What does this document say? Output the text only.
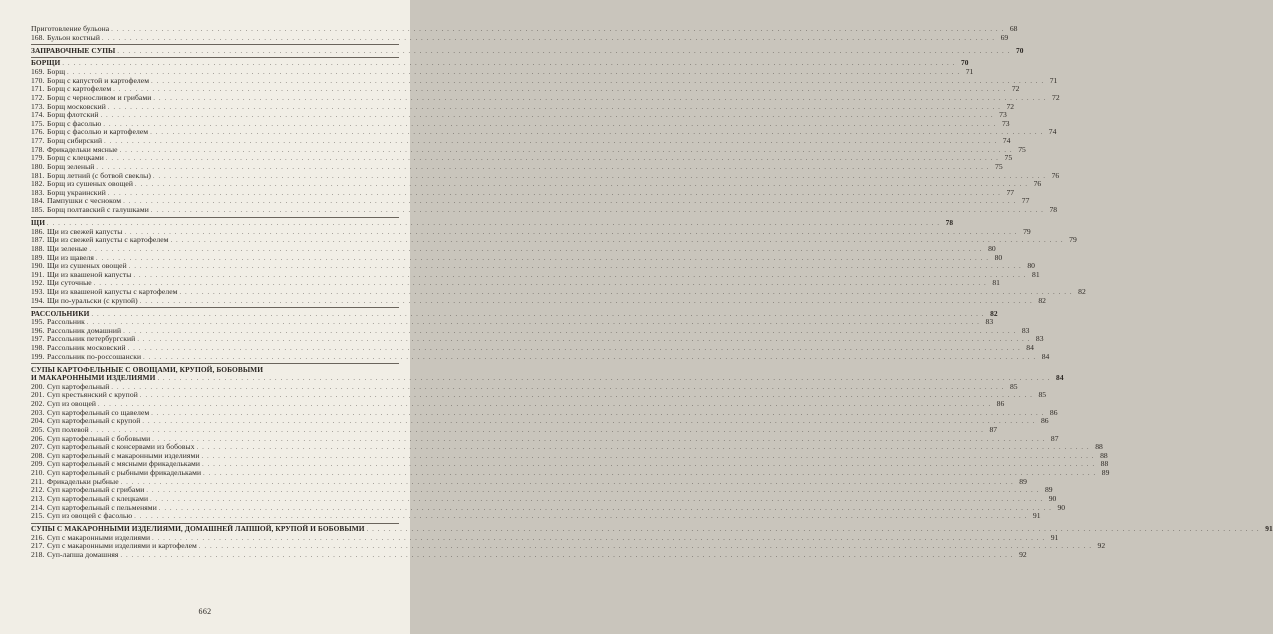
Приготовление бульона . . . . . . . . . . . . . . . . . . . . . . . . . . . . . . . . . . . . . . . . . . . . . . . . . . . . . . . . . . . . . . . . . . . . . . . . . . . . . . . . . . . . . . . . . . . . . . . . . . . . . . . . . . . . . . . . . . . . . . . . . . . . . . . . . . . . . . . . . . . . . . . . . . . . . . . . . . . . . . . . 68
168. Бульон костный . . . . . . . . . . . . . . . . . . . . . . . . . . . . . . . . . . . . . . . . . . . . . . . . . . . . . . . . . . . . . . . . . . . . . . . . . . . . . . . . . . . . . . . . . . . . . . . . . . . . . . . . . . . . . . . . . . . . . . . . . . . . . . . . . . . . . . . . . . . . . . . . . . . . . . . . . . . . . . . . 69
ЗАПРАВОЧНЫЕ СУПЫ . . . . . . . . . . . . . . . . . . . . . . . . . . . . . . . . . . . . . . . . . . . . . . . . . . . . . . . . . . . . . . . . . . . . . . . . . . . . . . . . . . . . . . . . . . . . . . . . . . . . . . . . . . . . . . . . . . . . . . . . . . . . . . . . . . . . . . . . . . . . . . . . . . . . . . . . . . . . . . . . 70
БОРЩИ . . . . . . . . . . . . . . . . . . . . . . . . . . . . . . . . . . . . . . . . . . . . . . . . . . . . . . . . . . . . . . . . . . . . . . . . . . . . . . . . . . . . . . . . . . . . . . . . . . . . . . . . . . . . . . . . . . . . . . . . . . . . . . . . . . . . . . . . . . . . . . . . . . . . . . . . . . . . . . . . 70
169. Борщ . . . . . . . . . . . . . . . . . . . . . . . . . . . . . . . . . . . . . . . . . . . . . . . . . . . . . . . . . . . . . . . . . . . . . . . . . . . . . . . . . . . . . . . . . . . . . . . . . . . . . . . . . . . . . . . . . . . . . . . . . . . . . . . . . . . . . . . . . . . . . . . . . . . . . . . . . . . . . . . . 71
170. Борщ с капустой и картофелем . . . . . . . . . . . . . . . . . . . . . . . . . . . . . . . . . . . . . . . . . . . . . . . . . . . . . . . . . . . . . . . . . . . . . . . . . . . . . . . . . . . . . . . . . . . . . . . . . . . . . . . . . . . . . . . . . . . . . . . . . . . . . . . . . . . . . . . . . . . . . . . . . . . . . . . . . . . . . . . . 71
171. Борщ с картофелем . . . . . . . . . . . . . . . . . . . . . . . . . . . . . . . . . . . . . . . . . . . . . . . . . . . . . . . . . . . . . . . . . . . . . . . . . . . . . . . . . . . . . . . . . . . . . . . . . . . . . . . . . . . . . . . . . . . . . . . . . . . . . . . . . . . . . . . . . . . . . . . . . . . . . . . . . . . . . . . . 72
172. Борщ с черносливом и грибами . . . . . . . . . . . . . . . . . . . . . . . . . . . . . . . . . . . . . . . . . . . . . . . . . . . . . . . . . . . . . . . . . . . . . . . . . . . . . . . . . . . . . . . . . . . . . . . . . . . . . . . . . . . . . . . . . . . . . . . . . . . . . . . . . . . . . . . . . . . . . . . . . . . . . . . . . . . . . . . . 72
173. Борщ московский . . . . . . . . . . . . . . . . . . . . . . . . . . . . . . . . . . . . . . . . . . . . . . . . . . . . . . . . . . . . . . . . . . . . . . . . . . . . . . . . . . . . . . . . . . . . . . . . . . . . . . . . . . . . . . . . . . . . . . . . . . . . . . . . . . . . . . . . . . . . . . . . . . . . . . . . . . . . . . . . 72
174. Борщ флотский . . . . . . . . . . . . . . . . . . . . . . . . . . . . . . . . . . . . . . . . . . . . . . . . . . . . . . . . . . . . . . . . . . . . . . . . . . . . . . . . . . . . . . . . . . . . . . . . . . . . . . . . . . . . . . . . . . . . . . . . . . . . . . . . . . . . . . . . . . . . . . . . . . . . . . . . . . . . . . . . 73
175. Борщ с фасолью . . . . . . . . . . . . . . . . . . . . . . . . . . . . . . . . . . . . . . . . . . . . . . . . . . . . . . . . . . . . . . . . . . . . . . . . . . . . . . . . . . . . . . . . . . . . . . . . . . . . . . . . . . . . . . . . . . . . . . . . . . . . . . . . . . . . . . . . . . . . . . . . . . . . . . . . . . . . . . . . 73
176. Борщ с фасолью и картофелем . . . . . . . . . . . . . . . . . . . . . . . . . . . . . . . . . . . . . . . . . . . . . . . . . . . . . . . . . . . . . . . . . . . . . . . . . . . . . . . . . . . . . . . . . . . . . . . . . . . . . . . . . . . . . . . . . . . . . . . . . . . . . . . . . . . . . . . . . . . . . . . . . . . . . . . . . . . . . . . . 74
177. Борщ сибирский . . . . . . . . . . . . . . . . . . . . . . . . . . . . . . . . . . . . . . . . . . . . . . . . . . . . . . . . . . . . . . . . . . . . . . . . . . . . . . . . . . . . . . . . . . . . . . . . . . . . . . . . . . . . . . . . . . . . . . . . . . . . . . . . . . . . . . . . . . . . . . . . . . . . . . . . . . . . . . . . 74
178. Фрикадельки мясные . . . . . . . . . . . . . . . . . . . . . . . . . . . . . . . . . . . . . . . . . . . . . . . . . . . . . . . . . . . . . . . . . . . . . . . . . . . . . . . . . . . . . . . . . . . . . . . . . . . . . . . . . . . . . . . . . . . . . . . . . . . . . . . . . . . . . . . . . . . . . . . . . . . . . . . . . . . . . . . . 75
179. Борщ с клецками . . . . . . . . . . . . . . . . . . . . . . . . . . . . . . . . . . . . . . . . . . . . . . . . . . . . . . . . . . . . . . . . . . . . . . . . . . . . . . . . . . . . . . . . . . . . . . . . . . . . . . . . . . . . . . . . . . . . . . . . . . . . . . . . . . . . . . . . . . . . . . . . . . . . . . . . . . . . . . . . 75
180. Борщ зеленый . . . . . . . . . . . . . . . . . . . . . . . . . . . . . . . . . . . . . . . . . . . . . . . . . . . . . . . . . . . . . . . . . . . . . . . . . . . . . . . . . . . . . . . . . . . . . . . . . . . . . . . . . . . . . . . . . . . . . . . . . . . . . . . . . . . . . . . . . . . . . . . . . . . . . . . . . . . . . . . . 75
181. Борщ летний (с ботвой свеклы) . . . . . . . . . . . . . . . . . . . . . . . . . . . . . . . . . . . . . . . . . . . . . . . . . . . . . . . . . . . . . . . . . . . . . . . . . . . . . . . . . . . . . . . . . . . . . . . . . . . . . . . . . . . . . . . . . . . . . . . . . . . . . . . . . . . . . . . . . . . . . . . . . . . . . . . . . . . . . . . . 76
182. Борщ из сушеных овощей . . . . . . . . . . . . . . . . . . . . . . . . . . . . . . . . . . . . . . . . . . . . . . . . . . . . . . . . . . . . . . . . . . . . . . . . . . . . . . . . . . . . . . . . . . . . . . . . . . . . . . . . . . . . . . . . . . . . . . . . . . . . . . . . . . . . . . . . . . . . . . . . . . . . . . . . . . . . . . . . 76
183. Борщ украинский . . . . . . . . . . . . . . . . . . . . . . . . . . . . . . . . . . . . . . . . . . . . . . . . . . . . . . . . . . . . . . . . . . . . . . . . . . . . . . . . . . . . . . . . . . . . . . . . . . . . . . . . . . . . . . . . . . . . . . . . . . . . . . . . . . . . . . . . . . . . . . . . . . . . . . . . . . . . . . . . 77
184. Пампушки с чесноком . . . . . . . . . . . . . . . . . . . . . . . . . . . . . . . . . . . . . . . . . . . . . . . . . . . . . . . . . . . . . . . . . . . . . . . . . . . . . . . . . . . . . . . . . . . . . . . . . . . . . . . . . . . . . . . . . . . . . . . . . . . . . . . . . . . . . . . . . . . . . . . . . . . . . . . . . . . . . . . . 77
185. Борщ полтавский с галушками . . . . . . . . . . . . . . . . . . . . . . . . . . . . . . . . . . . . . . . . . . . . . . . . . . . . . . . . . . . . . . . . . . . . . . . . . . . . . . . . . . . . . . . . . . . . . . . . . . . . . . . . . . . . . . . . . . . . . . . . . . . . . . . . . . . . . . . . . . . . . . . . . . . . . . . . . . . . . . . . 78
ЩИ . . . . . . . . . . . . . . . . . . . . . . . . . . . . . . . . . . . . . . . . . . . . . . . . . . . . . . . . . . . . . . . . . . . . . . . . . . . . . . . . . . . . . . . . . . . . . . . . . . . . . . . . . . . . . . . . . . . . . . . . . . . . . . . . . . . . . . . . . . . . . . . . . . . . . . . . . . . . . . . . 78
186. Щи из свежей капусты . . . . . . . . . . . . . . . . . . . . . . . . . . . . . . . . . . . . . . . . . . . . . . . . . . . . . . . . . . . . . . . . . . . . . . . . . . . . . . . . . . . . . . . . . . . . . . . . . . . . . . . . . . . . . . . . . . . . . . . . . . . . . . . . . . . . . . . . . . . . . . . . . . . . . . . . . . . . . . . . 79
187. Щи из свежей капусты с картофелем . . . . . . . . . . . . . . . . . . . . . . . . . . . . . . . . . . . . . . . . . . . . . . . . . . . . . . . . . . . . . . . . . . . . . . . . . . . . . . . . . . . . . . . . . . . . . . . . . . . . . . . . . . . . . . . . . . . . . . . . . . . . . . . . . . . . . . . . . . . . . . . . . . . . . . . . . . . . . . . . 79
188. Щи зеленые . . . . . . . . . . . . . . . . . . . . . . . . . . . . . . . . . . . . . . . . . . . . . . . . . . . . . . . . . . . . . . . . . . . . . . . . . . . . . . . . . . . . . . . . . . . . . . . . . . . . . . . . . . . . . . . . . . . . . . . . . . . . . . . . . . . . . . . . . . . . . . . . . . . . . . . . . . . . . . . . 80
189. Щи из щавеля . . . . . . . . . . . . . . . . . . . . . . . . . . . . . . . . . . . . . . . . . . . . . . . . . . . . . . . . . . . . . . . . . . . . . . . . . . . . . . . . . . . . . . . . . . . . . . . . . . . . . . . . . . . . . . . . . . . . . . . . . . . . . . . . . . . . . . . . . . . . . . . . . . . . . . . . . . . . . . . . 80
190. Щи из сушеных овощей . . . . . . . . . . . . . . . . . . . . . . . . . . . . . . . . . . . . . . . . . . . . . . . . . . . . . . . . . . . . . . . . . . . . . . . . . . . . . . . . . . . . . . . . . . . . . . . . . . . . . . . . . . . . . . . . . . . . . . . . . . . . . . . . . . . . . . . . . . . . . . . . . . . . . . . . . . . . . . . . 80
191. Щи из квашеной капусты . . . . . . . . . . . . . . . . . . . . . . . . . . . . . . . . . . . . . . . . . . . . . . . . . . . . . . . . . . . . . . . . . . . . . . . . . . . . . . . . . . . . . . . . . . . . . . . . . . . . . . . . . . . . . . . . . . . . . . . . . . . . . . . . . . . . . . . . . . . . . . . . . . . . . . . . . . . . . . . . 81
192. Щи суточные . . . . . . . . . . . . . . . . . . . . . . . . . . . . . . . . . . . . . . . . . . . . . . . . . . . . . . . . . . . . . . . . . . . . . . . . . . . . . . . . . . . . . . . . . . . . . . . . . . . . . . . . . . . . . . . . . . . . . . . . . . . . . . . . . . . . . . . . . . . . . . . . . . . . . . . . . . . . . . . . 81
193. Щи из квашеной капусты с картофелем . . . . . . . . . . . . . . . . . . . . . . . . . . . . . . . . . . . . . . . . . . . . . . . . . . . . . . . . . . . . . . . . . . . . . . . . . . . . . . . . . . . . . . . . . . . . . . . . . . . . . . . . . . . . . . . . . . . . . . . . . . . . . . . . . . . . . . . . . . . . . . . . . . . . . . . . . . . . . . . . 82
194. Щи по-уральски (с крупой) . . . . . . . . . . . . . . . . . . . . . . . . . . . . . . . . . . . . . . . . . . . . . . . . . . . . . . . . . . . . . . . . . . . . . . . . . . . . . . . . . . . . . . . . . . . . . . . . . . . . . . . . . . . . . . . . . . . . . . . . . . . . . . . . . . . . . . . . . . . . . . . . . . . . . . . . . . . . . . . . 82
РАССОЛЬНИКИ . . . . . . . . . . . . . . . . . . . . . . . . . . . . . . . . . . . . . . . . . . . . . . . . . . . . . . . . . . . . . . . . . . . . . . . . . . . . . . . . . . . . . . . . . . . . . . . . . . . . . . . . . . . . . . . . . . . . . . . . . . . . . . . . . . . . . . . . . . . . . . . . . . . . . . . . . . . . . . . . 82
195. Рассольник . . . . . . . . . . . . . . . . . . . . . . . . . . . . . . . . . . . . . . . . . . . . . . . . . . . . . . . . . . . . . . . . . . . . . . . . . . . . . . . . . . . . . . . . . . . . . . . . . . . . . . . . . . . . . . . . . . . . . . . . . . . . . . . . . . . . . . . . . . . . . . . . . . . . . . . . . . . . . . . . 83
196. Рассольник домашний . . . . . . . . . . . . . . . . . . . . . . . . . . . . . . . . . . . . . . . . . . . . . . . . . . . . . . . . . . . . . . . . . . . . . . . . . . . . . . . . . . . . . . . . . . . . . . . . . . . . . . . . . . . . . . . . . . . . . . . . . . . . . . . . . . . . . . . . . . . . . . . . . . . . . . . . . . . . . . . . 83
197. Рассольник петербургский . . . . . . . . . . . . . . . . . . . . . . . . . . . . . . . . . . . . . . . . . . . . . . . . . . . . . . . . . . . . . . . . . . . . . . . . . . . . . . . . . . . . . . . . . . . . . . . . . . . . . . . . . . . . . . . . . . . . . . . . . . . . . . . . . . . . . . . . . . . . . . . . . . . . . . . . . . . . . . . . 83
198. Рассольник московский . . . . . . . . . . . . . . . . . . . . . . . . . . . . . . . . . . . . . . . . . . . . . . . . . . . . . . . . . . . . . . . . . . . . . . . . . . . . . . . . . . . . . . . . . . . . . . . . . . . . . . . . . . . . . . . . . . . . . . . . . . . . . . . . . . . . . . . . . . . . . . . . . . . . . . . . . . . . . . . . 84
199. Рассольник по-россошански . . . . . . . . . . . . . . . . . . . . . . . . . . . . . . . . . . . . . . . . . . . . . . . . . . . . . . . . . . . . . . . . . . . . . . . . . . . . . . . . . . . . . . . . . . . . . . . . . . . . . . . . . . . . . . . . . . . . . . . . . . . . . . . . . . . . . . . . . . . . . . . . . . . . . . . . . . . . . . . . 84
СУПЫ КАРТОФЕЛЬНЫЕ С ОВОЩАМИ, КРУПОЙ, БОБОВЫМИ
И МАКАРОННЫМИ ИЗДЕЛИЯМИ . . . . . . . . . . . . . . . . . . . . . . . . . . . . . . . . . . . . . . . . . . . . . . . . . . . . . . . . . . . . . . . . . . . . . . . . . . . . . . . . . . . . . . . . . . . . . . . . . . . . . . . . . . . . . . . . . . . . . . . . . . . . . . . . . . . . . . . . . . . . . . . . . . . . . . . . . . . . . . . . 84
200. Суп картофельный . . . . . . . . . . . . . . . . . . . . . . . . . . . . . . . . . . . . . . . . . . . . . . . . . . . . . . . . . . . . . . . . . . . . . . . . . . . . . . . . . . . . . . . . . . . . . . . . . . . . . . . . . . . . . . . . . . . . . . . . . . . . . . . . . . . . . . . . . . . . . . . . . . . . . . . . . . . . . . . . 85
201. Суп крестьянский с крупой . . . . . . . . . . . . . . . . . . . . . . . . . . . . . . . . . . . . . . . . . . . . . . . . . . . . . . . . . . . . . . . . . . . . . . . . . . . . . . . . . . . . . . . . . . . . . . . . . . . . . . . . . . . . . . . . . . . . . . . . . . . . . . . . . . . . . . . . . . . . . . . . . . . . . . . . . . . . . . . . 85
202. Суп из овощей . . . . . . . . . . . . . . . . . . . . . . . . . . . . . . . . . . . . . . . . . . . . . . . . . . . . . . . . . . . . . . . . . . . . . . . . . . . . . . . . . . . . . . . . . . . . . . . . . . . . . . . . . . . . . . . . . . . . . . . . . . . . . . . . . . . . . . . . . . . . . . . . . . . . . . . . . . . . . . . . 86
203. Суп картофельный со щавелем . . . . . . . . . . . . . . . . . . . . . . . . . . . . . . . . . . . . . . . . . . . . . . . . . . . . . . . . . . . . . . . . . . . . . . . . . . . . . . . . . . . . . . . . . . . . . . . . . . . . . . . . . . . . . . . . . . . . . . . . . . . . . . . . . . . . . . . . . . . . . . . . . . . . . . . . . . . . . . . . 86
204. Суп картофельный с крупой . . . . . . . . . . . . . . . . . . . . . . . . . . . . . . . . . . . . . . . . . . . . . . . . . . . . . . . . . . . . . . . . . . . . . . . . . . . . . . . . . . . . . . . . . . . . . . . . . . . . . . . . . . . . . . . . . . . . . . . . . . . . . . . . . . . . . . . . . . . . . . . . . . . . . . . . . . . . . . . . 86
205. Суп полевой . . . . . . . . . . . . . . . . . . . . . . . . . . . . . . . . . . . . . . . . . . . . . . . . . . . . . . . . . . . . . . . . . . . . . . . . . . . . . . . . . . . . . . . . . . . . . . . . . . . . . . . . . . . . . . . . . . . . . . . . . . . . . . . . . . . . . . . . . . . . . . . . . . . . . . . . . . . . . . . . 87
206. Суп картофельный с бобовыми . . . . . . . . . . . . . . . . . . . . . . . . . . . . . . . . . . . . . . . . . . . . . . . . . . . . . . . . . . . . . . . . . . . . . . . . . . . . . . . . . . . . . . . . . . . . . . . . . . . . . . . . . . . . . . . . . . . . . . . . . . . . . . . . . . . . . . . . . . . . . . . . . . . . . . . . . . . . . . . . 87
207. Суп картофельный с консервами из бобовых . . . . . . . . . . . . . . . . . . . . . . . . . . . . . . . . . . . . . . . . . . . . . . . . . . . . . . . . . . . . . . . . . . . . . . . . . . . . . . . . . . . . . . . . . . . . . . . . . . . . . . . . . . . . . . . . . . . . . . . . . . . . . . . . . . . . . . . . . . . . . . . . . . . . . . . . . . . . . . . . 88
208. Суп картофельный с макаронными изделиями . . . . . . . . . . . . . . . . . . . . . . . . . . . . . . . . . . . . . . . . . . . . . . . . . . . . . . . . . . . . . . . . . . . . . . . . . . . . . . . . . . . . . . . . . . . . . . . . . . . . . . . . . . . . . . . . . . . . . . . . . . . . . . . . . . . . . . . . . . . . . . . . . . . . . . . . . . . . . . . . 88
209. Суп картофельный с мясными фрикадельками . . . . . . . . . . . . . . . . . . . . . . . . . . . . . . . . . . . . . . . . . . . . . . . . . . . . . . . . . . . . . . . . . . . . . . . . . . . . . . . . . . . . . . . . . . . . . . . . . . . . . . . . . . . . . . . . . . . . . . . . . . . . . . . . . . . . . . . . . . . . . . . . . . . . . . . . . . . . . . . . 88
210. Суп картофельный с рыбными фрикадельками . . . . . . . . . . . . . . . . . . . . . . . . . . . . . . . . . . . . . . . . . . . . . . . . . . . . . . . . . . . . . . . . . . . . . . . . . . . . . . . . . . . . . . . . . . . . . . . . . . . . . . . . . . . . . . . . . . . . . . . . . . . . . . . . . . . . . . . . . . . . . . . . . . . . . . . . . . . . . . . . 89
211. Фрикадельки рыбные . . . . . . . . . . . . . . . . . . . . . . . . . . . . . . . . . . . . . . . . . . . . . . . . . . . . . . . . . . . . . . . . . . . . . . . . . . . . . . . . . . . . . . . . . . . . . . . . . . . . . . . . . . . . . . . . . . . . . . . . . . . . . . . . . . . . . . . . . . . . . . . . . . . . . . . . . . . . . . . . 89
212. Суп картофельный с грибами . . . . . . . . . . . . . . . . . . . . . . . . . . . . . . . . . . . . . . . . . . . . . . . . . . . . . . . . . . . . . . . . . . . . . . . . . . . . . . . . . . . . . . . . . . . . . . . . . . . . . . . . . . . . . . . . . . . . . . . . . . . . . . . . . . . . . . . . . . . . . . . . . . . . . . . . . . . . . . . . 89
213. Суп картофельный с клецками . . . . . . . . . . . . . . . . . . . . . . . . . . . . . . . . . . . . . . . . . . . . . . . . . . . . . . . . . . . . . . . . . . . . . . . . . . . . . . . . . . . . . . . . . . . . . . . . . . . . . . . . . . . . . . . . . . . . . . . . . . . . . . . . . . . . . . . . . . . . . . . . . . . . . . . . . . . . . . . . 90
214. Суп картофельный с пельменями . . . . . . . . . . . . . . . . . . . . . . . . . . . . . . . . . . . . . . . . . . . . . . . . . . . . . . . . . . . . . . . . . . . . . . . . . . . . . . . . . . . . . . . . . . . . . . . . . . . . . . . . . . . . . . . . . . . . . . . . . . . . . . . . . . . . . . . . . . . . . . . . . . . . . . . . . . . . . . . . 90
215. Суп из овощей с фасолью . . . . . . . . . . . . . . . . . . . . . . . . . . . . . . . . . . . . . . . . . . . . . . . . . . . . . . . . . . . . . . . . . . . . . . . . . . . . . . . . . . . . . . . . . . . . . . . . . . . . . . . . . . . . . . . . . . . . . . . . . . . . . . . . . . . . . . . . . . . . . . . . . . . . . . . . . . . . . . . . 91
СУПЫ С МАКАРОННЫМИ ИЗДЕЛИЯМИ, ДОМАШНЕЙ ЛАПШОЙ, КРУПОЙ И БОБОВЫМИ . . . . . . . . . . . . . . . . . . . . . . . . . . . . . . . . . . . . . . . . . . . . . . . . . . . . . . . . . . . . . . . . . . . . . . . . . . . . . . . . . . . . . . . . . . . . . . . . . . . . . . . . . . . . . . . . . . . . . . . . . . . . . . . . . . . . . . . . . . . . . . . . . . . . . . . . . . . . . . . . 91
216. Суп с макаронными изделиями . . . . . . . . . . . . . . . . . . . . . . . . . . . . . . . . . . . . . . . . . . . . . . . . . . . . . . . . . . . . . . . . . . . . . . . . . . . . . . . . . . . . . . . . . . . . . . . . . . . . . . . . . . . . . . . . . . . . . . . . . . . . . . . . . . . . . . . . . . . . . . . . . . . . . . . . . . . . . . . . 91
217. Суп с макаронными изделиями и картофелем . . . . . . . . . . . . . . . . . . . . . . . . . . . . . . . . . . . . . . . . . . . . . . . . . . . . . . . . . . . . . . . . . . . . . . . . . . . . . . . . . . . . . . . . . . . . . . . . . . . . . . . . . . . . . . . . . . . . . . . . . . . . . . . . . . . . . . . . . . . . . . . . . . . . . . . . . . . . . . . . 92
218. Суп-лапша домашняя . . . . . . . . . . . . . . . . . . . . . . . . . . . . . . . . . . . . . . . . . . . . . . . . . . . . . . . . . . . . . . . . . . . . . . . . . . . . . . . . . . . . . . . . . . . . . . . . . . . . . . . . . . . . . . . . . . . . . . . . . . . . . . . . . . . . . . . . . . . . . . . . . . . . . . . . . . . . . . . . 92
662
